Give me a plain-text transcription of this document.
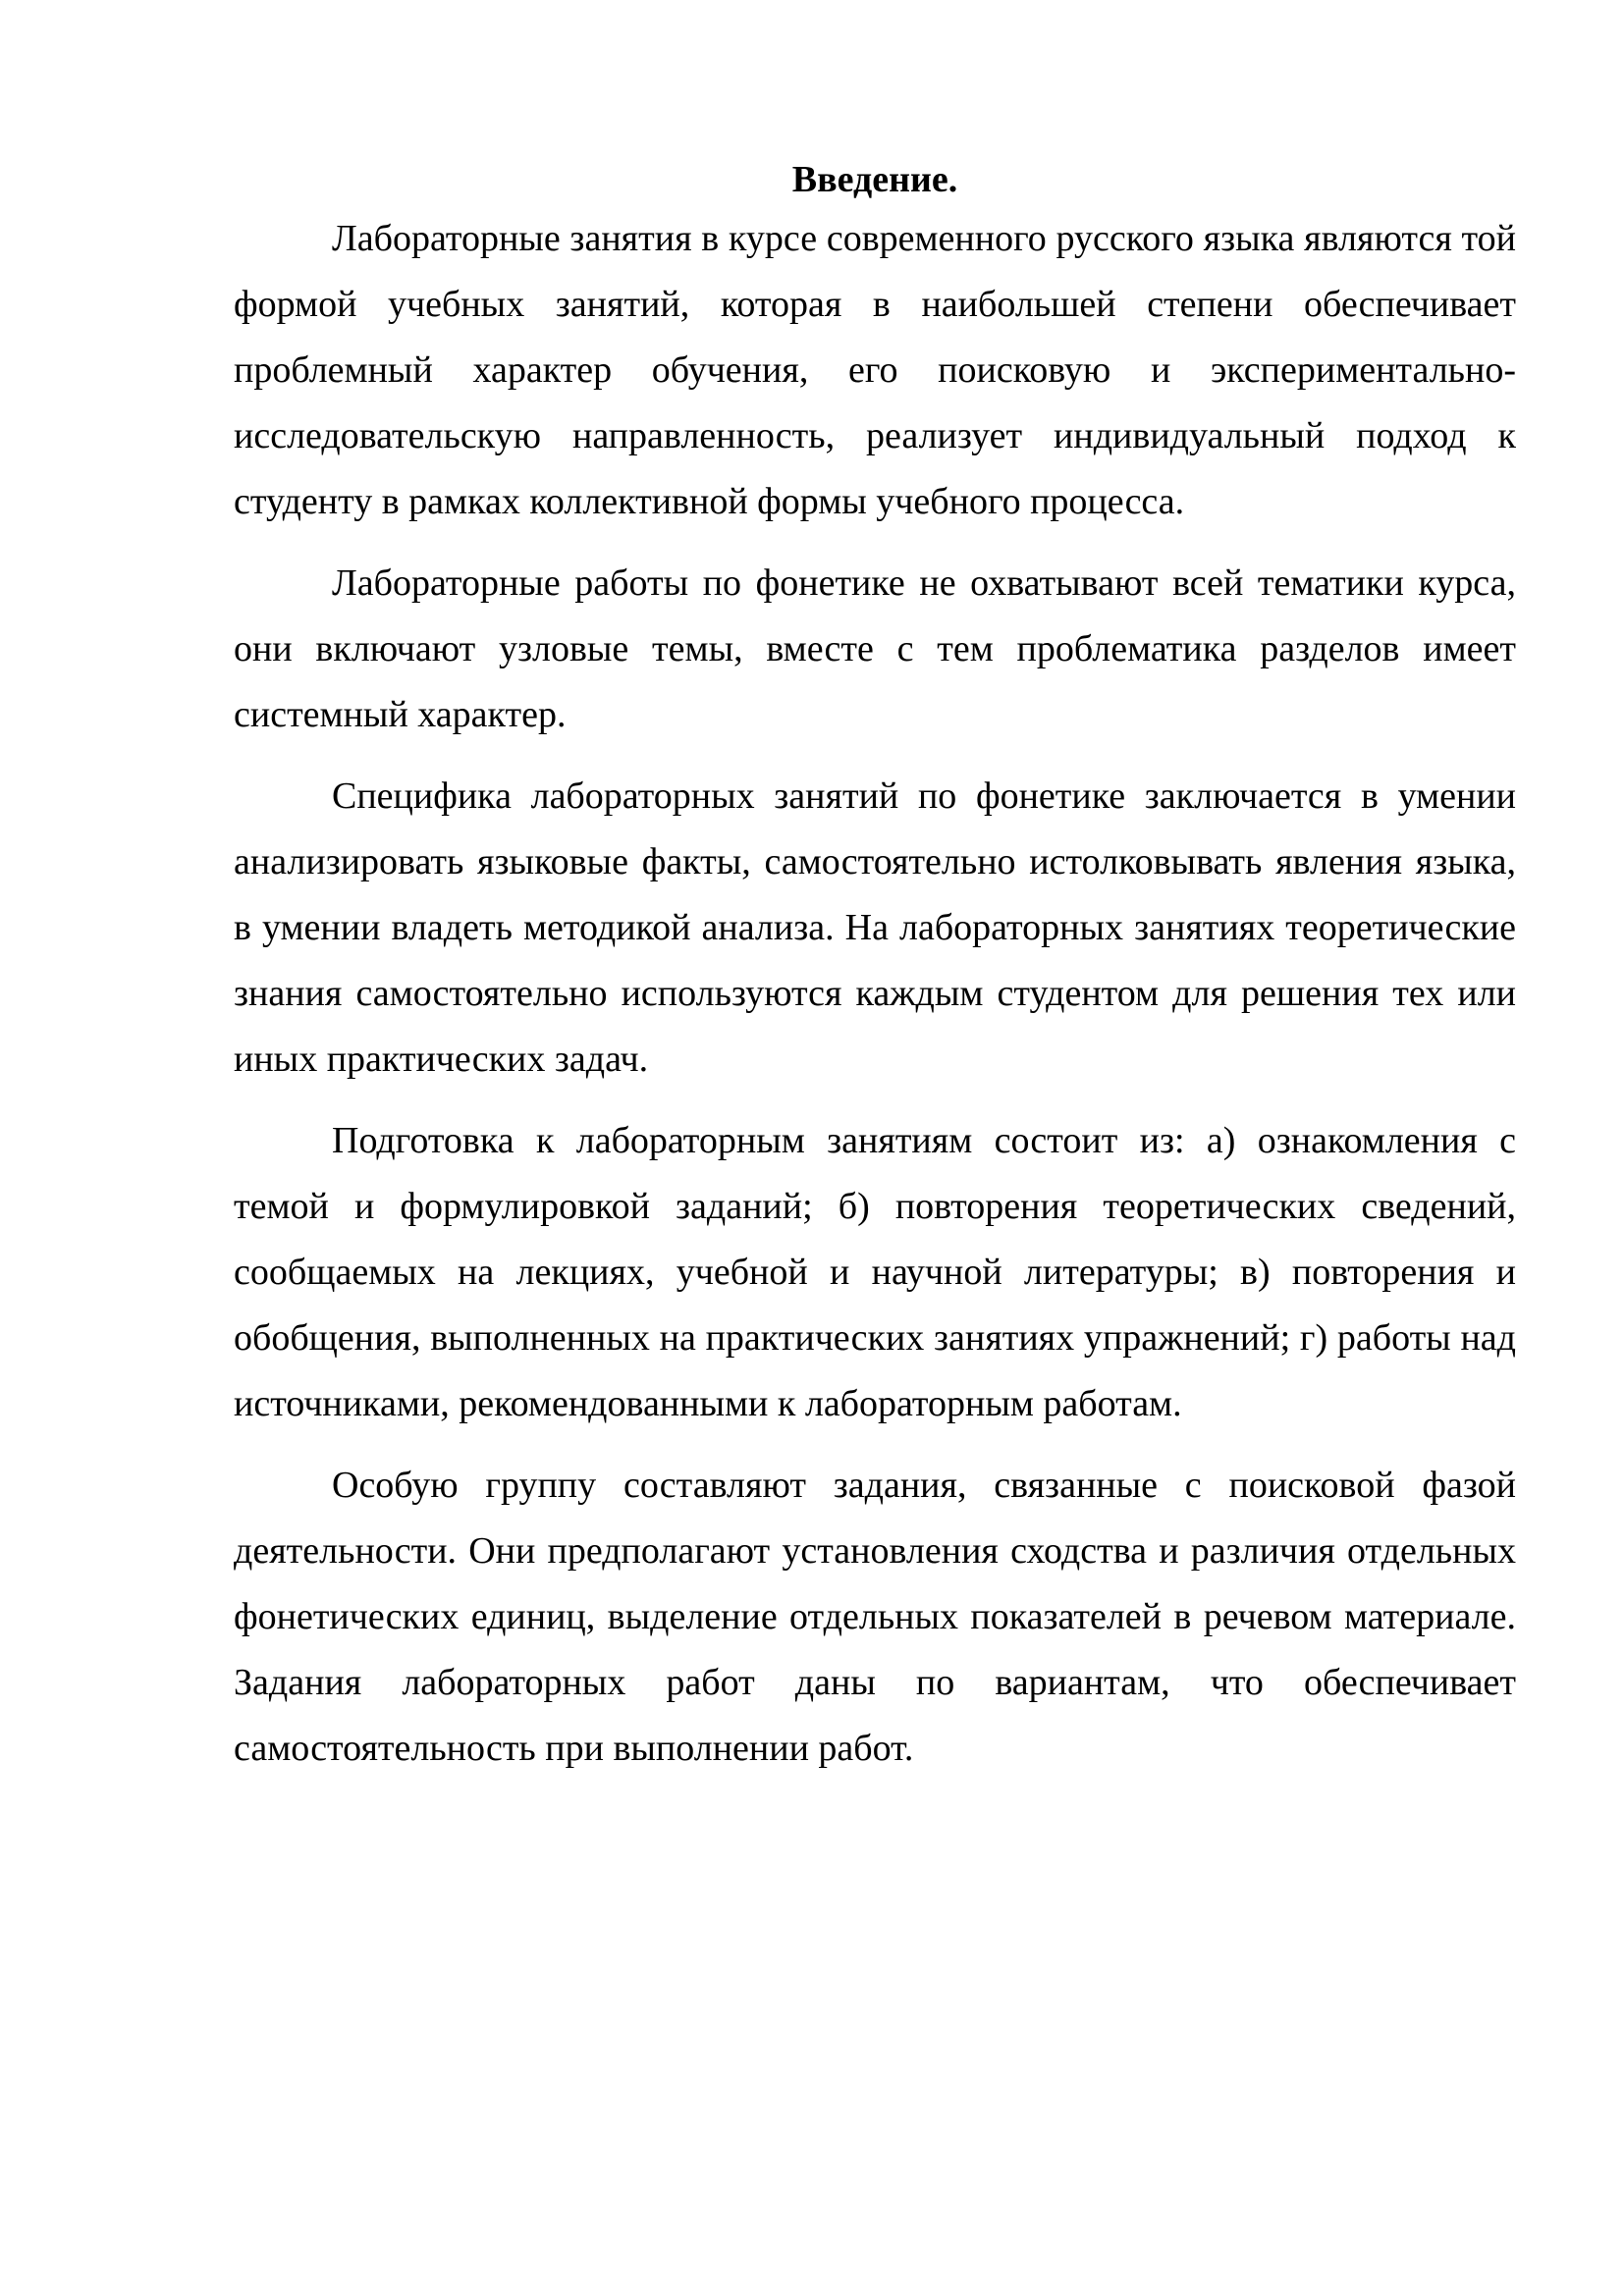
Введение.

Лабораторные занятия в курсе современного русского языка являются той формой учебных занятий, которая в наибольшей степени обеспечивает проблемный характер обучения, его поисковую и экспериментально-исследовательскую направленность, реализует индивидуальный подход к студенту в рамках коллективной формы учебного процесса.

Лабораторные работы по фонетике не охватывают всей тематики курса, они включают узловые темы, вместе с тем проблематика разделов имеет системный характер.

Специфика лабораторных занятий по фонетике заключается в умении анализировать языковые факты, самостоятельно истолковывать явления языка, в умении владеть методикой анализа. На лабораторных занятиях теоретические знания самостоятельно используются каждым студентом для решения тех или иных практических задач.

Подготовка к лабораторным занятиям состоит из: а) ознакомления с темой и формулировкой заданий; б) повторения теоретических сведений, сообщаемых на лекциях, учебной и научной литературы; в) повторения и обобщения, выполненных на практических занятиях упражнений; г) работы над источниками, рекомендованными к лабораторным работам.

Особую группу составляют задания, связанные с поисковой фазой деятельности. Они предполагают установления сходства и различия отдельных фонетических единиц, выделение отдельных показателей в речевом материале. Задания лабораторных работ даны по вариантам, что обеспечивает самостоятельность при выполнении работ.
